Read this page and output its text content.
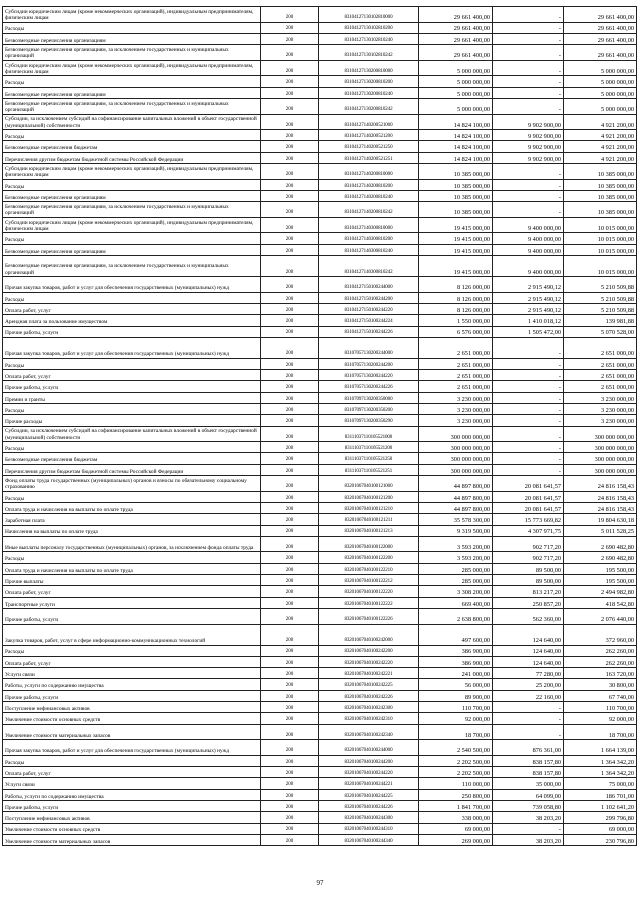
Субсидии юридическим лицам (кроме некоммерческих организаций), индивидуальным предпринимателям, физическим лицам	200	83104127130102810000	29 661 400,00	-	29 661 400,00
Расходы	200	83104127130102810200	29 661 400,00	-	29 661 400,00
Безвозмездные перечисления организациям	200	83104127130102810240	29 661 400,00	-	29 661 400,00
Безвозмездные перечисления организациям, за исключением государственных и муниципальных организаций	200	83104127130102810242	29 661 400,00	-	29 661 400,00
Субсидии юридическим лицам (кроме некоммерческих организаций), индивидуальным предпринимателям, физическим лицам	200	83104127130200810000	5 000 000,00	-	5 000 000,00
Расходы	200	83104127130200810200	5 000 000,00	-	5 000 000,00
Безвозмездные перечисления организациям	200	83104127130200810240	5 000 000,00	-	5 000 000,00
Безвозмездные перечисления организациям, за исключением государственных и муниципальных организаций	200	83104127130200810242	5 000 000,00	-	5 000 000,00
Субсидии, за исключением субсидий на софинансирование капитальных вложений в объект государственной (муниципальной) собственности	200	83104127140200521000	14 824 100,00	9 902 900,00	4 921 200,00
Расходы	200	83104127140200521200	14 824 100,00	9 902 900,00	4 921 200,00
Безвозмездные перечисления бюджетам	200	83104127140200521250	14 824 100,00	9 902 900,00	4 921 200,00
Перечисления другим бюджетам бюджетной системы Российской Федерации	200	83104127140200521251	14 824 100,00	9 902 900,00	4 921 200,00
Субсидии юридическим лицам (кроме некоммерческих организаций), индивидуальным предпринимателям, физическим лицам	200	83104127140200810000	10 385 000,00	-	10 385 000,00
Расходы	200	83104127140200810200	10 385 000,00	-	10 385 000,00
Безвозмездные перечисления организациям	200	83104127140200810240	10 385 000,00	-	10 385 000,00
Безвозмездные перечисления организациям, за исключением государственных и муниципальных организаций	200	83104127140200810242	10 385 000,00	-	10 385 000,00
Субсидии юридическим лицам (кроме некоммерческих организаций), индивидуальным предпринимателям, физическим лицам	200	83104127140300810000	19 415 000,00	9 400 000,00	10 015 000,00
Расходы	200	83104127140300810200	19 415 000,00	9 400 000,00	10 015 000,00
Безвозмездные перечисления организациям	200	83104127140300810240	19 415 000,00	9 400 000,00	10 015 000,00
Безвозмездные перечисления организациям, за исключением государственных и муниципальных организаций	200	83104127140300810242	19 415 000,00	9 400 000,00	10 015 000,00
Прочая закупка товаров, работ и услуг для обеспечения государственных (муниципальных) нужд	200	83104127150100244000	8 126 000,00	2 915 490,12	5 210 509,88
Расходы	200	83104127150100244200	8 126 000,00	2 915 490,12	5 210 509,88
Оплата работ, услуг	200	83104127150100244220	8 126 000,00	2 915 490,12	5 210 509,88
Арендная плата за пользование имуществом	200	83104127150100244224	1 550 000,00	1 410 018,12	139 981,88
Прочие работы, услуги	200	83104127150100244226	6 576 000,00	1 505 472,00	5 070 528,00
Прочая закупка товаров, работ и услуг для обеспечения государственных (муниципальных) нужд	200	83107057130200244000	2 651 000,00	-	2 651 000,00
Расходы	200	83107057130200244200	2 651 000,00	-	2 651 000,00
Оплата работ, услуг	200	83107057130200244220	2 651 000,00	-	2 651 000,00
Прочие работы, услуги	200	83107057130200244226	2 651 000,00	-	2 651 000,00
Премии и гранты	200	83107097130200350000	3 230 000,00	-	3 230 000,00
Расходы	200	83107097130200350200	3 230 000,00	-	3 230 000,00
Прочие расходы	200	83107097130200350290	3 230 000,00	-	3 230 000,00
Субсидии, за исключением субсидий на софинансирование капитальных вложений в объект государственной (муниципальной) собственности	200	83111037110105521000	300 000 000,00	-	300 000 000,00
Расходы	200	83111037110105521200	300 000 000,00	-	300 000 000,00
Безвозмездные перечисления бюджетам	200	83111037110105521250	300 000 000,00	-	300 000 000,00
Перечисления другим бюджетам бюджетной системы Российской Федерации	200	83111037110105521251	300 000 000,00	-	300 000 000,00
Фонд оплаты труда государственных (муниципальных) органов и взносы по обязательному социальному страхованию	200	83201067040100121000	44 897 800,00	20 081 641,57	24 816 158,43
Расходы	200	83201067040100121200	44 897 800,00	20 081 641,57	24 816 158,43
Оплата труда и начисления на выплаты по оплате труда	200	83201067040100121210	44 897 800,00	20 081 641,57	24 816 158,43
Заработная плата	200	83201067040100121211	35 578 300,00	15 773 669,82	19 804 630,18
Начисления на выплаты по оплате труда	200	83201067040100121213	9 319 500,00	4 307 971,75	5 011 528,25
Иные выплаты персоналу государственных (муниципальных) органов, за исключением фонда оплаты труда	200	83201067040100122000	3 593 200,00	902 717,20	2 690 482,80
Расходы	200	83201067040100122200	3 593 200,00	902 717,20	2 690 482,80
Оплата труда и начисления на выплаты по оплате труда	200	83201067040100122210	285 000,00	89 500,00	195 500,00
Прочие выплаты	200	83201067040100122212	285 000,00	89 500,00	195 500,00
Оплата работ, услуг	200	83201067040100122220	3 308 200,00	813 217,20	2 494 982,80
Транспортные услуги	200	83201067040100122222	669 400,00	250 857,20	418 542,80
Прочие работы, услуги	200	83201067040100122226	2 638 800,00	562 360,00	2 076 440,00
Закупка товаров, работ, услуг в сфере информационно-коммуникационных технологий	200	83201067040100242000	497 600,00	124 640,00	372 960,00
Расходы	200	83201067040100242200	386 900,00	124 640,00	262 260,00
Оплата работ, услуг	200	83201067040100242220	386 900,00	124 640,00	262 260,00
Услуги связи	200	83201067040100242221	241 000,00	77 280,00	163 720,00
Работы, услуги по содержанию имущества	200	83201067040100242225	56 000,00	25 200,00	30 800,00
Прочие работы, услуги	200	83201067040100242226	89 900,00	22 160,00	67 740,00
Поступление нефинансовых активов	200	83201067040100242300	110 700,00	-	110 700,00
Увеличение стоимости основных средств	200	83201067040100242310	92 000,00	-	92 000,00
Увеличение стоимости материальных запасов	200	83201067040100242340	18 700,00	-	18 700,00
Прочая закупка товаров, работ и услуг для обеспечения государственных (муниципальных) нужд	200	83201067040100244000	2 540 500,00	876 361,00	1 664 139,00
Расходы	200	83201067040100244200	2 202 500,00	838 157,80	1 364 342,20
Оплата работ, услуг	200	83201067040100244220	2 202 500,00	838 157,80	1 364 342,20
Услуги связи	200	83201067040100244221	110 000,00	35 000,00	75 000,00
Работы, услуги по содержанию имущества	200	83201067040100244225	250 800,00	64 099,00	186 701,00
Прочие работы, услуги	200	83201067040100244226	1 841 700,00	739 058,80	1 102 641,20
Поступление нефинансовых активов	200	83201067040100244300	338 000,00	38 203,20	299 796,80
Увеличение стоимости основных средств	200	83201067040100244310	69 000,00	-	69 000,00
Увеличение стоимости материальных запасов	200	83201067040100244340	269 000,00	38 203,20	230 796,80
97
